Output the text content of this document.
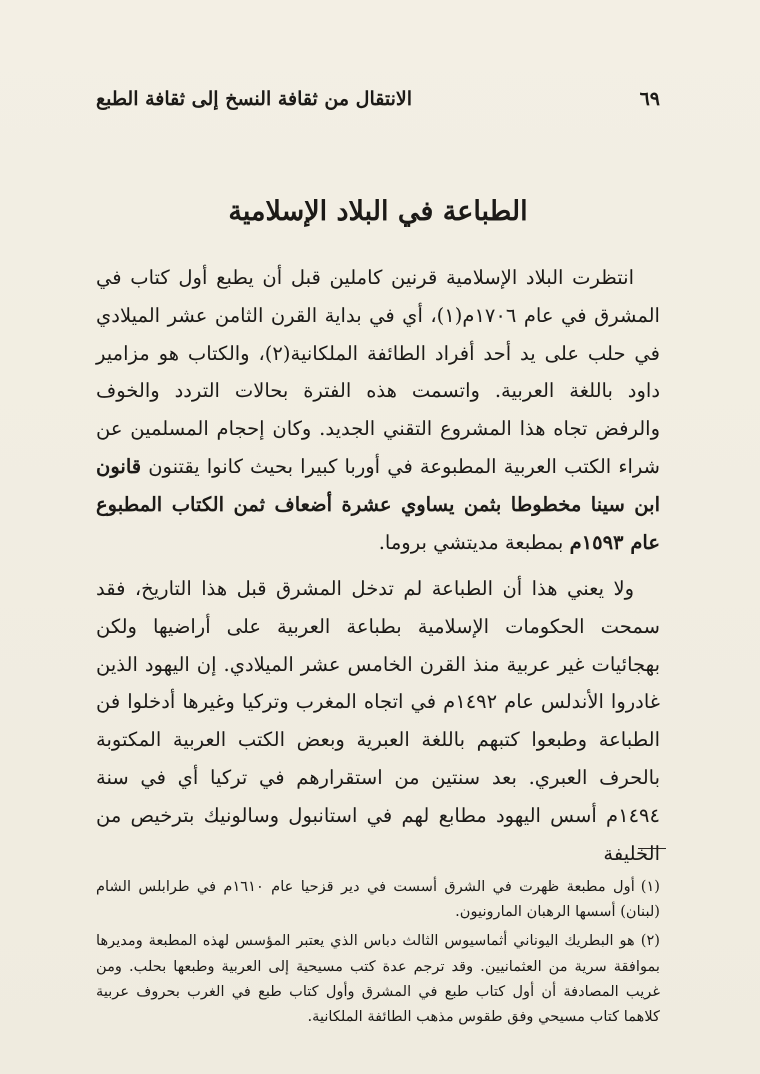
الانتقال من ثقافة النسخ إلى ثقافة الطبع	٦٩
الطباعة في البلاد الإسلامية

انتظرت البلاد الإسلامية قرنين كاملين قبل أن يطبع أول كتاب في المشرق في عام ١٧٠٦م(١)، أي في بداية القرن الثامن عشر الميلادي في حلب على يد أحد أفراد الطائفة الملكانية(٢)، والكتاب هو مزامير داود باللغة العربية. واتسمت هذه الفترة بحالات التردد والخوف والرفض تجاه هذا المشروع التقني الجديد. وكان إحجام المسلمين عن شراء الكتب العربية المطبوعة في أوربا كبيرا بحيث كانوا يقتنون قانون ابن سينا مخطوطا بثمن يساوي عشرة أضعاف ثمن الكتاب المطبوع عام ١٥٩٣م بمطبعة مديتشي بروما.

ولا يعني هذا أن الطباعة لم تدخل المشرق قبل هذا التاريخ، فقد سمحت الحكومات الإسلامية بطباعة العربية على أراضيها ولكن بهجائيات غير عربية منذ القرن الخامس عشر الميلادي. إن اليهود الذين غادروا الأندلس عام ١٤٩٢م في اتجاه المغرب وتركيا وغيرها أدخلوا فن الطباعة وطبعوا كتبهم باللغة العبرية وبعض الكتب العربية المكتوبة بالحرف العبري. بعد سنتين من استقرارهم في تركيا أي في سنة ١٤٩٤م أسس اليهود مطابع لهم في استانبول وسالونيك بترخيص من الخليفة

(١)أول مطبعة ظهرت في الشرق أسست في دير قزحيا عام ١٦١٠م في طرابلس الشام (لبنان) أسسها الرهبان المارونيون.

(٢)هو البطريك اليوناني أثماسيوس الثالث دباس الذي يعتبر المؤسس لهذه المطبعة ومديرها بموافقة سرية من العثمانيين. وقد ترجم عدة كتب مسيحية إلى العربية وطبعها بحلب. ومن غريب المصادفة أن أول كتاب طبع في المشرق وأول كتاب طبع في الغرب بحروف عربية كلاهما كتاب مسيحي وفق طقوس مذهب الطائفة الملكانية.
